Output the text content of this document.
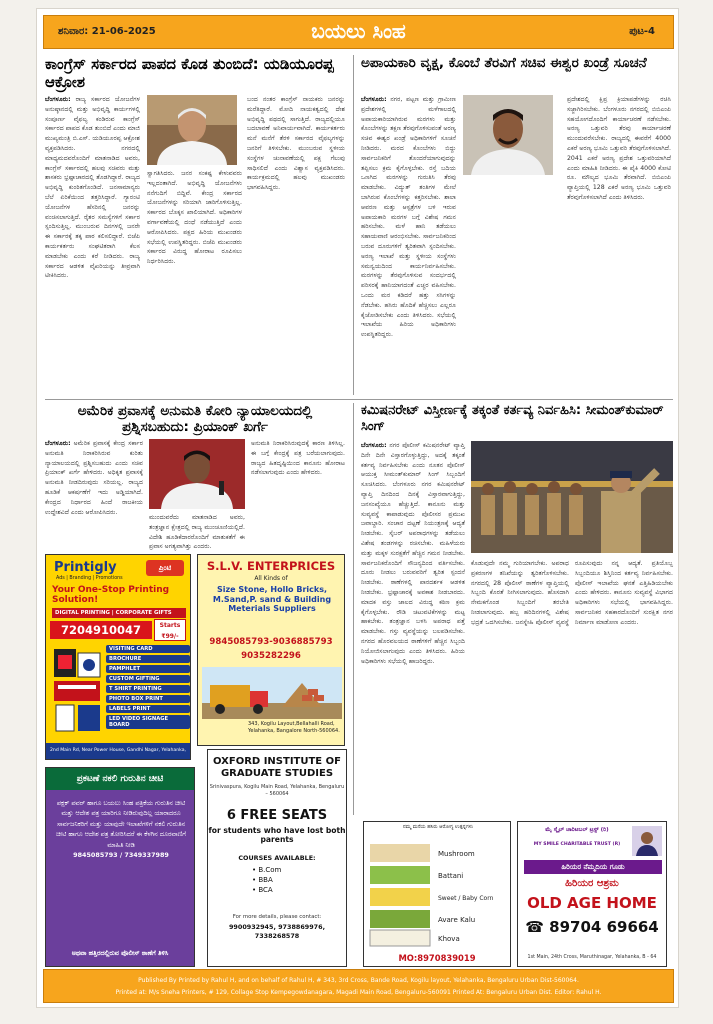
ಶನಿವಾರ: 21-06-2025	ಬಯಲು ಸಿಂಹ	ಪುಟ-4
ಕಾಂಗ್ರೆಸ್ ಸರ್ಕಾರದ ಪಾಪದ ಕೊಡ ತುಂಬಿದೆ: ಯಡಿಯೂರಪ್ಪ ಆಕ್ರೋಶ
ಬೆಂಗಳೂರು: ರಾಜ್ಯ ಸರ್ಕಾರದ ಯೋಜನೆಗಳ ಅನುಷ್ಠಾನದಲ್ಲಿ ಮತ್ತು ಅಭಿವೃದ್ಧಿ ಕಾರ್ಯಗಳಲ್ಲಿ ಸಂಪೂರ್ಣ ವೈಫಲ್ಯ ಕಂಡಿರುವ ಕಾಂಗ್ರೆಸ್ ಸರ್ಕಾರದ ಪಾಪದ ಕೊಡ ತುಂಬಿದೆ ಎಂದು ಮಾಜಿ ಮುಖ್ಯಮಂತ್ರಿ ಬಿ.ಎಸ್. ಯಡಿಯೂರಪ್ಪ ಆಕ್ರೋಶ ವ್ಯಕ್ತಪಡಿಸಿದರು. ನಗರದಲ್ಲಿ ಮಾಧ್ಯಮದವರೊಂದಿಗೆ ಮಾತನಾಡಿದ ಅವರು, ಕಾಂಗ್ರೆಸ್ ಸರ್ಕಾರದಲ್ಲಿ ಹಲವು ಸಚಿವರು ಮತ್ತು ಶಾಸಕರು ಭ್ರಷ್ಟಾಚಾರದಲ್ಲಿ ತೊಡಗಿದ್ದಾರೆ. ರಾಜ್ಯದ ಅಭಿವೃದ್ಧಿ ಕುಂಠಿತಗೊಂಡಿದೆ. ಜನಸಾಮಾನ್ಯರು ಬೆಲೆ ಏರಿಕೆಯಿಂದ ತತ್ತರಿಸಿದ್ದಾರೆ. ಗ್ಯಾರಂಟಿ ಯೋಜನೆಗಳ ಹೆಸರಿನಲ್ಲಿ ಜನರನ್ನು ವಂಚಿಸಲಾಗುತ್ತಿದೆ. ರೈತರ ಸಮಸ್ಯೆಗಳಿಗೆ ಸರ್ಕಾರ ಸ್ಪಂದಿಸುತ್ತಿಲ್ಲ. ಮುಂಬರುವ ದಿನಗಳಲ್ಲಿ ಜನರೇ ಈ ಸರ್ಕಾರಕ್ಕೆ ತಕ್ಕ ಪಾಠ ಕಲಿಸಲಿದ್ದಾರೆ. ಬಿಜೆಪಿ ಕಾರ್ಯಕರ್ತರು ಸಂಘಟಿತರಾಗಿ ಕೆಲಸ ಮಾಡಬೇಕು ಎಂದು ಕರೆ ನೀಡಿದರು. ರಾಜ್ಯ ಸರ್ಕಾರದ ಆಡಳಿತ ವೈಖರಿಯನ್ನು ತೀವ್ರವಾಗಿ ಟೀಕಿಸಿದರು.
ಸ್ವಾಗತಿಸಿದರು. ಜನರ ಸಂಕಷ್ಟ ಕೇಳುವವರು ಇಲ್ಲದಂತಾಗಿದೆ. ಅಭಿವೃದ್ಧಿ ಯೋಜನೆಗಳು ನನೆಗುದಿಗೆ ಬಿದ್ದಿವೆ. ಕೇಂದ್ರ ಸರ್ಕಾರದ ಯೋಜನೆಗಳನ್ನು ಸರಿಯಾಗಿ ಜಾರಿಗೊಳಿಸುತ್ತಿಲ್ಲ. ಸರ್ಕಾರದ ಬೊಕ್ಕಸ ಖಾಲಿಯಾಗಿದೆ. ಅಧಿಕಾರಿಗಳ ವರ್ಗಾವಣೆಯಲ್ಲಿ ದಂಧೆ ನಡೆಯುತ್ತಿದೆ ಎಂದು ಆರೋಪಿಸಿದರು. ಪಕ್ಷದ ಹಿರಿಯ ಮುಖಂಡರು ಸಭೆಯಲ್ಲಿ ಉಪಸ್ಥಿತರಿದ್ದರು. ಬಿಜೆಪಿ ಮುಖಂಡರು ಸರ್ಕಾರದ ವಿರುದ್ಧ ಹೋರಾಟ ರೂಪಿಸಲು ನಿರ್ಧರಿಸಿದರು.
ಬಂದ ನಂತರ ಕಾಂಗ್ರೆಸ್ ನಾಯಕರು ಜನರನ್ನು ಮರೆತಿದ್ದಾರೆ. ಮೋದಿ ನಾಯಕತ್ವದಲ್ಲಿ ದೇಶ ಅಭಿವೃದ್ಧಿ ಪಥದಲ್ಲಿ ಸಾಗುತ್ತಿದೆ. ರಾಜ್ಯದಲ್ಲಿಯೂ ಬದಲಾವಣೆ ಅನಿವಾರ್ಯವಾಗಿದೆ. ಕಾರ್ಯಕರ್ತರು ಮನೆ ಮನೆಗೆ ತೆರಳಿ ಸರ್ಕಾರದ ವೈಫಲ್ಯಗಳನ್ನು ಜನರಿಗೆ ತಿಳಿಸಬೇಕು. ಮುಂಬರುವ ಸ್ಥಳೀಯ ಸಂಸ್ಥೆಗಳ ಚುನಾವಣೆಯಲ್ಲಿ ಪಕ್ಷ ಗೆಲುವು ಸಾಧಿಸಲಿದೆ ಎಂದು ವಿಶ್ವಾಸ ವ್ಯಕ್ತಪಡಿಸಿದರು. ಕಾರ್ಯಕ್ರಮದಲ್ಲಿ ಹಲವು ಮುಖಂಡರು ಭಾಗವಹಿಸಿದ್ದರು.
ಅಪಾಯಕಾರಿ ವೃಕ್ಷ, ಕೊಂಬೆ ತೆರವಿಗೆ ಸಚಿವ ಈಶ್ವರ ಖಂಡ್ರೆ ಸೂಚನೆ
ಬೆಂಗಳೂರು: ನಗರ, ಪಟ್ಟಣ ಮತ್ತು ಗ್ರಾಮೀಣ ಪ್ರದೇಶಗಳಲ್ಲಿ ಮಳೆಗಾಲದಲ್ಲಿ ಅಪಾಯಕಾರಿಯಾಗಿರುವ ಮರಗಳು ಮತ್ತು ಕೊಂಬೆಗಳನ್ನು ತಕ್ಷಣ ತೆರವುಗೊಳಿಸುವಂತೆ ಅರಣ್ಯ ಸಚಿವ ಈಶ್ವರ ಖಂಡ್ರೆ ಅಧಿಕಾರಿಗಳಿಗೆ ಸೂಚನೆ ನೀಡಿದರು. ಮರದ ಕೊಂಬೆಗಳು ಬಿದ್ದು ಸಾರ್ವಜನಿಕರಿಗೆ ತೊಂದರೆಯಾಗುವುದನ್ನು ತಪ್ಪಿಸಲು ಕ್ರಮ ಕೈಗೊಳ್ಳಬೇಕು. ರಸ್ತೆ ಬದಿಯ ಒಣಗಿದ ಮರಗಳನ್ನು ಗುರುತಿಸಿ ತೆರವು ಮಾಡಬೇಕು. ವಿದ್ಯುತ್ ತಂತಿಗಳ ಮೇಲೆ ಬಾಗಿರುವ ಕೊಂಬೆಗಳನ್ನು ಕತ್ತರಿಸಬೇಕು. ಶಾಲಾ ಆವರಣ ಮತ್ತು ಆಸ್ಪತ್ರೆಗಳ ಬಳಿ ಇರುವ ಅಪಾಯಕಾರಿ ಮರಗಳ ಬಗ್ಗೆ ವಿಶೇಷ ಗಮನ ಹರಿಸಬೇಕು. ಮಳೆ ಹಾನಿ ತಡೆಯಲು ಸಹಾಯವಾಣಿ ಆರಂಭಿಸಬೇಕು. ಸಾರ್ವಜನಿಕರಿಂದ ಬರುವ ದೂರುಗಳಿಗೆ ತ್ವರಿತವಾಗಿ ಸ್ಪಂದಿಸಬೇಕು. ಅರಣ್ಯ ಇಲಾಖೆ ಮತ್ತು ಸ್ಥಳೀಯ ಸಂಸ್ಥೆಗಳು ಸಮನ್ವಯದಿಂದ ಕಾರ್ಯನಿರ್ವಹಿಸಬೇಕು. ಮರಗಳನ್ನು ತೆರವುಗೊಳಿಸುವ ಸಂದರ್ಭದಲ್ಲಿ ಪರಿಸರಕ್ಕೆ ಹಾನಿಯಾಗದಂತೆ ಎಚ್ಚರ ವಹಿಸಬೇಕು. ಒಂದು ಮರ ಕಡಿದರೆ ಹತ್ತು ಸಸಿಗಳನ್ನು ನೆಡಬೇಕು. ಹಸಿರು ಹೊದಿಕೆ ಹೆಚ್ಚಿಸಲು ಎಲ್ಲರೂ ಕೈಜೋಡಿಸಬೇಕು ಎಂದು ತಿಳಿಸಿದರು. ಸಭೆಯಲ್ಲಿ ಇಲಾಖೆಯ ಹಿರಿಯ ಅಧಿಕಾರಿಗಳು ಉಪಸ್ಥಿತರಿದ್ದರು.
ಪ್ರದೇಶದಲ್ಲಿ ಕ್ಷಿಪ್ರ ಕ್ರಿಯಾಪಡೆಗಳನ್ನು ರಚಿಸಿ ಸಜ್ಜಾಗಿರಿಸಬೇಕು. ಬೆಂಗಳೂರು ನಗರದಲ್ಲಿ ಬಿಬಿಎಂಪಿ ಸಹಯೋಗದೊಂದಿಗೆ ಕಾರ್ಯಾಚರಣೆ ನಡೆಸಬೇಕು. ಅರಣ್ಯ ಒತ್ತುವರಿ ತೆರವು ಕಾರ್ಯಾಚರಣೆ ಮುಂದುವರೆಸಬೇಕು. ರಾಜ್ಯದಲ್ಲಿ ಈವರೆಗೆ 4000 ಎಕರೆ ಅರಣ್ಯ ಭೂಮಿ ಒತ್ತುವರಿ ತೆರವುಗೊಳಿಸಲಾಗಿದೆ. 2041 ಎಕರೆ ಅರಣ್ಯ ಪ್ರದೇಶ ಒತ್ತುವರಿಯಾಗಿದೆ ಎಂದು ಮಾಹಿತಿ ನೀಡಿದರು. ಈ ಪೈಕಿ 4000 ಕೋಟಿ ರೂ. ಮೌಲ್ಯದ ಭೂಮಿ ತೆರವಾಗಿದೆ. ಬಿಬಿಎಂಪಿ ವ್ಯಾಪ್ತಿಯಲ್ಲಿ 128 ಎಕರೆ ಅರಣ್ಯ ಭೂಮಿ ಒತ್ತುವರಿ ತೆರವುಗೊಳಿಸಲಾಗಿದೆ ಎಂದು ತಿಳಿಸಿದರು.
ಅಮೆರಿಕ ಪ್ರವಾಸಕ್ಕೆ ಅನುಮತಿ ಕೋರಿ ನ್ಯಾಯಾಲಯದಲ್ಲಿ ಪ್ರಶ್ನಿಸಬಹುದು: ಪ್ರಿಯಾಂಕ್ ಖರ್ಗೆ
ಬೆಂಗಳೂರು: ಅಮೆರಿಕ ಪ್ರವಾಸಕ್ಕೆ ಕೇಂದ್ರ ಸರ್ಕಾರ ಅನುಮತಿ ನಿರಾಕರಿಸಿರುವ ಕುರಿತು ನ್ಯಾಯಾಲಯದಲ್ಲಿ ಪ್ರಶ್ನಿಸಬಹುದು ಎಂದು ಸಚಿವ ಪ್ರಿಯಾಂಕ್ ಖರ್ಗೆ ಹೇಳಿದರು. ಅಧಿಕೃತ ಪ್ರವಾಸಕ್ಕೆ ಅನುಮತಿ ನೀಡದಿರುವುದು ಸರಿಯಲ್ಲ. ರಾಜ್ಯದ ಹೂಡಿಕೆ ಆಕರ್ಷಣೆಗೆ ಇದು ಅಡ್ಡಿಯಾಗಿದೆ. ಕೇಂದ್ರದ ನಿರ್ಧಾರದ ಹಿಂದೆ ರಾಜಕೀಯ ಉದ್ದೇಶವಿದೆ ಎಂದು ಆರೋಪಿಸಿದರು.
ಮುಂದುವರೆದು ಮಾತನಾಡಿದ ಅವರು, ತಂತ್ರಜ್ಞಾನ ಕ್ಷೇತ್ರದಲ್ಲಿ ರಾಜ್ಯ ಮುಂಚೂಣಿಯಲ್ಲಿದೆ. ವಿದೇಶಿ ಹೂಡಿಕೆದಾರರೊಂದಿಗೆ ಮಾತುಕತೆಗೆ ಈ ಪ್ರವಾಸ ಅಗತ್ಯವಾಗಿತ್ತು ಎಂದರು.
ಅನುಮತಿ ನಿರಾಕರಿಸಿರುವುದಕ್ಕೆ ಕಾರಣ ತಿಳಿಸಿಲ್ಲ. ಈ ಬಗ್ಗೆ ಕೇಂದ್ರಕ್ಕೆ ಪತ್ರ ಬರೆಯಲಾಗುವುದು. ರಾಜ್ಯದ ಹಿತದೃಷ್ಟಿಯಿಂದ ಕಾನೂನು ಹೋರಾಟ ನಡೆಸಲಾಗುವುದು ಎಂದು ಹೇಳಿದರು.
ಕಮಿಷನರೇಟ್ ವಿಸ್ತೀರ್ಣಕ್ಕೆ ತಕ್ಕಂತೆ ಕರ್ತವ್ಯ ನಿರ್ವಹಿಸಿ: ಸೀಮಂತ್‌ಕುಮಾರ್ ಸಿಂಗ್
ಬೆಂಗಳೂರು: ನಗರ ಪೊಲೀಸ್ ಕಮಿಷನರೇಟ್ ವ್ಯಾಪ್ತಿ ದಿನೇ ದಿನೇ ವಿಸ್ತಾರಗೊಳ್ಳುತ್ತಿದ್ದು, ಅದಕ್ಕೆ ತಕ್ಕಂತೆ ಕರ್ತವ್ಯ ನಿರ್ವಹಿಸಬೇಕು ಎಂದು ನೂತನ ಪೊಲೀಸ್ ಆಯುಕ್ತ ಸೀಮಂತ್‌ಕುಮಾರ್ ಸಿಂಗ್ ಸಿಬ್ಬಂದಿಗೆ ಸೂಚಿಸಿದರು. ಬೆಂಗಳೂರು ನಗರ ಕಮಿಷನರೇಟ್ ವ್ಯಾಪ್ತಿ ದಿನದಿಂದ ದಿನಕ್ಕೆ ವಿಸ್ತಾರವಾಗುತ್ತಿದ್ದು, ಜನಸಂಖ್ಯೆಯೂ ಹೆಚ್ಚುತ್ತಿದೆ. ಕಾನೂನು ಮತ್ತು ಸುವ್ಯವಸ್ಥೆ ಕಾಪಾಡುವುದು ಪೊಲೀಸರ ಪ್ರಮುಖ ಜವಾಬ್ದಾರಿ. ಸಂಚಾರ ದಟ್ಟಣೆ ನಿಯಂತ್ರಣಕ್ಕೆ ಆದ್ಯತೆ ನೀಡಬೇಕು. ಸೈಬರ್ ಅಪರಾಧಗಳನ್ನು ತಡೆಯಲು ವಿಶೇಷ ತಂಡಗಳನ್ನು ರಚಿಸಬೇಕು. ಮಹಿಳೆಯರು ಮತ್ತು ಮಕ್ಕಳ ಸುರಕ್ಷತೆಗೆ ಹೆಚ್ಚಿನ ಗಮನ ನೀಡಬೇಕು. ಸಾರ್ವಜನಿಕರೊಂದಿಗೆ ಸೌಜನ್ಯದಿಂದ ವರ್ತಿಸಬೇಕು. ದೂರು ನೀಡಲು ಬರುವವರಿಗೆ ತ್ವರಿತ ಸ್ಪಂದನೆ ನೀಡಬೇಕು. ಠಾಣೆಗಳಲ್ಲಿ ಪಾರದರ್ಶಕ ಆಡಳಿತ ನೀಡಬೇಕು. ಭ್ರಷ್ಟಾಚಾರಕ್ಕೆ ಅವಕಾಶ ನೀಡಬಾರದು. ಮಾದಕ ವಸ್ತು ಜಾಲದ ವಿರುದ್ಧ ಕಠಿಣ ಕ್ರಮ ಕೈಗೊಳ್ಳಬೇಕು. ರೌಡಿ ಚಟುವಟಿಕೆಗಳನ್ನು ಮಟ್ಟ ಹಾಕಬೇಕು. ತಂತ್ರಜ್ಞಾನ ಬಳಸಿ ಅಪರಾಧ ಪತ್ತೆ ಮಾಡಬೇಕು. ಗಸ್ತು ವ್ಯವಸ್ಥೆಯನ್ನು ಬಲಪಡಿಸಬೇಕು. ನಗರದ ಹೊರವಲಯದ ಠಾಣೆಗಳಿಗೆ ಹೆಚ್ಚಿನ ಸಿಬ್ಬಂದಿ ನಿಯೋಜಿಸಲಾಗುವುದು ಎಂದು ತಿಳಿಸಿದರು. ಹಿರಿಯ ಅಧಿಕಾರಿಗಳು ಸಭೆಯಲ್ಲಿ ಹಾಜರಿದ್ದರು.
ಕೊಡುವುದೇ ನಮ್ಮ ಗುರಿಯಾಗಬೇಕು. ಅಪರಾಧ ಪ್ರಕರಣಗಳ ತನಿಖೆಯನ್ನು ತ್ವರಿತಗೊಳಿಸಬೇಕು. ನಗರದಲ್ಲಿ 28 ಪೊಲೀಸ್ ಠಾಣೆಗಳ ವ್ಯಾಪ್ತಿಯಲ್ಲಿ ಸಿಬ್ಬಂದಿ ಕೊರತೆ ನೀಗಿಸಲಾಗುವುದು. ಹೊಸದಾಗಿ ನೇಮಕಗೊಂಡ ಸಿಬ್ಬಂದಿಗೆ ತರಬೇತಿ ನೀಡಲಾಗುವುದು. ಹಬ್ಬ ಹರಿದಿನಗಳಲ್ಲಿ ವಿಶೇಷ ಭದ್ರತೆ ಒದಗಿಸಬೇಕು. ಜನಸ್ನೇಹಿ ಪೊಲೀಸ್ ವ್ಯವಸ್ಥೆ ರೂಪಿಸುವುದು ನನ್ನ ಆದ್ಯತೆ. ಪ್ರತಿಯೊಬ್ಬ ಸಿಬ್ಬಂದಿಯೂ ಶಿಸ್ತಿನಿಂದ ಕರ್ತವ್ಯ ನಿರ್ವಹಿಸಬೇಕು. ಪೊಲೀಸ್ ಇಲಾಖೆಯ ಘನತೆ ಎತ್ತಿಹಿಡಿಯಬೇಕು ಎಂದು ಹೇಳಿದರು. ಕಾನೂನು ಸುವ್ಯವಸ್ಥೆ ವಿಭಾಗದ ಅಧಿಕಾರಿಗಳು ಸಭೆಯಲ್ಲಿ ಭಾಗವಹಿಸಿದ್ದರು. ಸಾರ್ವಜನಿಕರ ಸಹಕಾರದೊಂದಿಗೆ ಸುರಕ್ಷಿತ ನಗರ ನಿರ್ಮಾಣ ಮಾಡೋಣ ಎಂದರು.
Printigly
Ads | Branding | Promotions
ಪ್ರಿಂಟಿ
Your One-Stop Printing Solution!
DIGITAL PRINTING | CORPORATE GIFTS
7204910047	Starts ₹99/-
VISITING CARD
BROCHURE
PAMPHLET
CUSTOM GIFTING
T SHIRT PRINTING
PHOTO BOX PRINT
LABELS PRINT
LED VIDEO SIGNAGE BOARD
2nd Main Rd, Near Power House, Gandhi Nagar, Yelahanka,
S.L.V. ENTERPRICES
All Kinds of
Size Stone, Hollo Bricks, M.Sand,P. sand & Building Meterials Suppliers
9845085793-9036885793
9035282296
343, Kogilu Layout,Bellahalli Road, Yelahanka, Bangalore North-560064.
OXFORD INSTITUTE OF GRADUATE STUDIES
Srinivaspura, Kogilu Main Road, Yelahanka, Bengaluru – 560064
6 FREE SEATS
for students who have lost both parents
COURSES AVAILABLE:
• B.Com
• BBA
• BCA
For more details, please contact:
9900932945, 9738869976, 7338268578
ಪ್ರಕಟಣೆ ನಕಲಿ ಗುರುತಿನ ಚೀಟಿ
ಪಕ್ಷಕ್ ಪವರ್ ಹಾಗೂ ಬಯಲು ಸಿಂಹ ಪತ್ರಿಕೆಯ ಗುರುತಿನ ಚೀಟಿ ಮತ್ತು ಆದೇಶ ಪತ್ರ ಯಾರಿಗೂ ನೀಡಿರುವುದಿಲ್ಲ ಯಾರಾದರೂ ಸಾರ್ವಜನಿಕರಿಗೆ ಮತ್ತು ಯಾವುದೇ ಇಲಾಖೆಗಳಿಗೆ ನಕಲಿ ಗುರುತಿನ ಚೀಟಿ ಹಾಗೂ ಆದೇಶ ಪತ್ರ ತೋರಿಸಿದರೆ ಈ ಕೆಳಗಿನ ದೂರವಾಣಿಗೆ ಮಾಹಿತಿ ನೀಡಿ
9845085793 / 7349337989
ಅಥವಾ ಹತ್ತಿರದಲ್ಲಿರುವ ಪೊಲೀಸ್ ಠಾಣೆಗೆ ತಿಳಿಸಿ
ನಮ್ಮ ಮನೆಯ ಹಸಿರು ಆರೋಗ್ಯ ಉತ್ಪನ್ನಗಳು
Mushroom
Battani
Sweet / Baby Corn
Avare Kalu
Khova
MO:8970839019
ಮೈ ಸ್ಮೈಲ್ ಚಾರಿಟಬಲ್ ಟ್ರಸ್ಟ್ (ರಿ)
MY SMILE CHARITABLE TRUST (R)
ಹಿರಿಯರ ನೆಮ್ಮದಿಯ ಗೂಡು
ಹಿರಿಯರ ಆಶ್ರಮ
OLD AGE HOME
☎ 89704 69664
1st Main, 24th Cross, Maruthinagar, Yelahanka, B - 64
Published By Printed by Rahul H, and on behalf of Rahul H, # 343, 3rd Cross, Bande Road, Kogilu layout, Yelahanka, Bengaluru Urban Dist-560064.
Printed at: M/s Sneha Printers, # 129, Collage Stop Kempegowdanagara, Magadi Main Road, Bengaluru-560091 Printed At: Bengaluru Urban Dist. Editor: Rahul H.
